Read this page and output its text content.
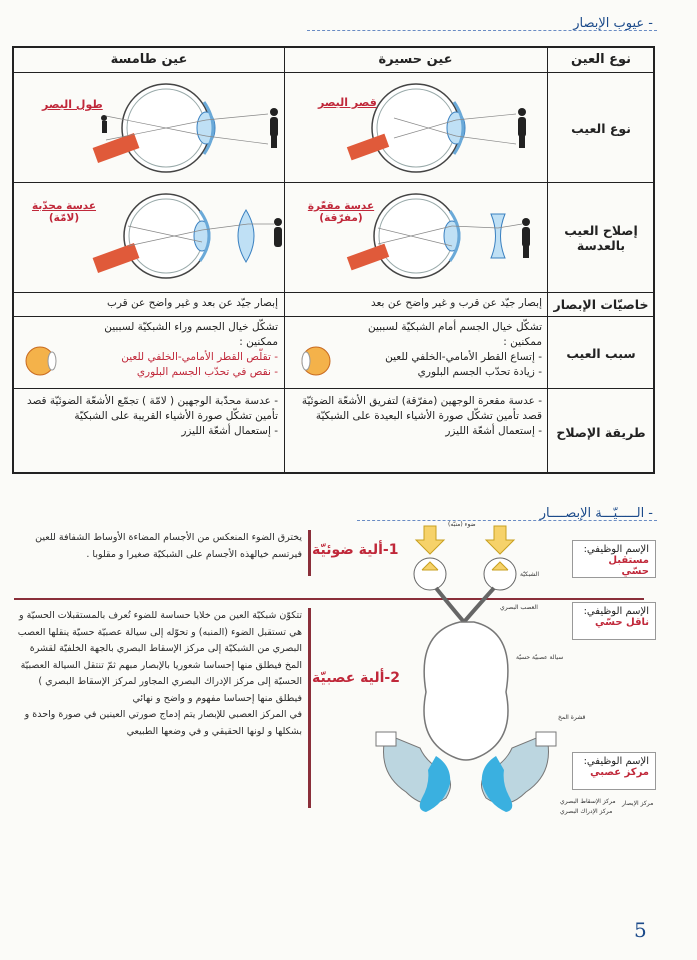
- عيوب الإبصار
نوع العين
عين حسيرة
عين طامسة
نوع العيب
إصلاح العيب بالعدسة
خاصيّات الإبصار
سبب العيب
طريقة الإصلاح
قصر البصر
طول البصر
عدسة مقعّرة
(مفرّقة)
عدسة محدّبة
(لامّة)
إبصار جيّد عن قرب و غير واضح عن بعد
إبصار جيّد عن بعد و غير واضح عن قرب
تشكّل خيال الجسم أمام الشبكيّة لسببين ممكنين :
- إتساع القطر الأمامي-الخلفي للعين
- زيادة تحدّب الجسم البلوري
تشكّل خيال الجسم وراء الشبكيّة لسببين ممكنين :
- تقلّص القطر الأمامي-الخلفي للعين
- نقص في تحدّب الجسم البلوري
- عدسة مقعرة الوجهين (مفرّقة) لتفريق الأشعّة الضوئيّة قصد تأمين تشكّل صورة الأشياء البعيدة على الشبكيّة
- إستعمال أشعّة الليزر
- عدسة محدّبة الوجهين ( لامّة ) تجمّع الأشعّة الضوئيّة قصد تأمين تشكّل صورة الأشياء القريبة على الشبكيّة
- إستعمال أشعّة الليزر
- الـــــيّـــة الإبصــــار
يخترق الضوء المنعكس من الأجسام المضاءة الأوساط الشفافة للعين فيرتسم خيالهذه الأجسام على الشبكيّة صغيرا و مقلوبا . 1-ألية ضوئيّة
تتكوّن شبكيّة العين من خلايا حساسة للضوء تُعرف بالمستقبلات الحسيّة و هي تستقبل الضوء (المنبه) و تحوّله إلى سيالة عصبيّة حسيّة ينقلها العصب البصري من الشبكيّة إلى مركز الإسقاط البصري بالجهة الخلفيّة لقشرة المخ فيطلق منها إحساسا شعوريا بالإبصار مبهم ثمّ تنتقل السيالة العصبيّة الحسيّة إلى مركز الإدراك البصري المجاور لمركز الإسقاط البصري ) فيطلق منها إحساسا مفهوم و واضح و نهائي
في المركز العصبي للإبصار يتم إدماج صورتي العينين في صورة واحدة و بشكلها و لونها الحقيقي و في وضعها الطبيعي
2-ألية عصبيّة
ضوء (منبّه)
الشبكيّة
العصب البصري
سيالة عصبيّة حسيّة
قشرة المخ
مركز الإسقاط البصري
مركز الإدراك البصري
مركز الإبصار
الإسم الوظيفي:
مستقبل حسّي
الإسم الوظيفي:
ناقل حسّي
الإسم الوظيفي:
مركز عصبي
5
